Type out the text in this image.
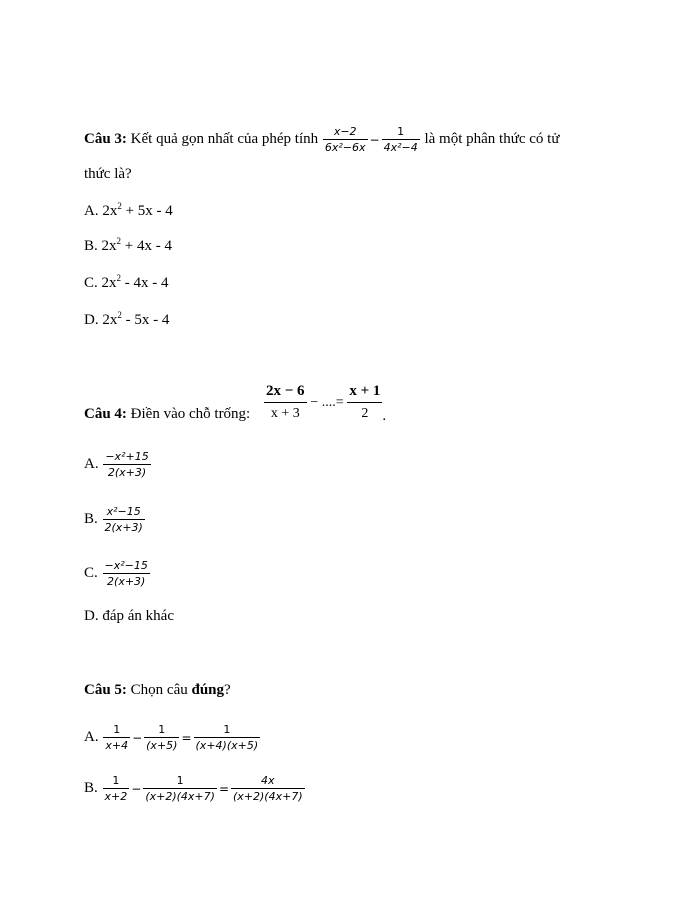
Câu 3: Kết quả gọn nhất của phép tính $\frac{x-2}{\text{6x²−6x}} - \frac{1}{\text{4x²−4}}$ là một phân thức có tử
thức là?
A. $2x^2 + 5x - 4$
B. $2x^2 + 4x - 4$
C. $2x^2 - 4x - 4$
D. $2x^2 - 5x - 4$
Câu 4: Điền vào chỗ trống: $\frac{2x - 6}{x + 3}$ − ....= $\frac{x + 1}{2}$ .
A. $\frac{\text{−x²+15}}{2(x+3)}$
B. $\frac{\text{x²−15}}{2(x+3)}$
C. $\frac{\text{−x²−15}}{2(x+3)}$
D. đáp án khác
Câu 5: Chọn câu đúng?
A. $\frac{1}{x+4} - \frac{1}{(x+5)} = \frac{1}{(x+4)(x+5)}$
B. $\frac{1}{x+2} - \frac{1}{(x+2)(4x+7)} = \frac{4x}{(x+2)(4x+7)}$
